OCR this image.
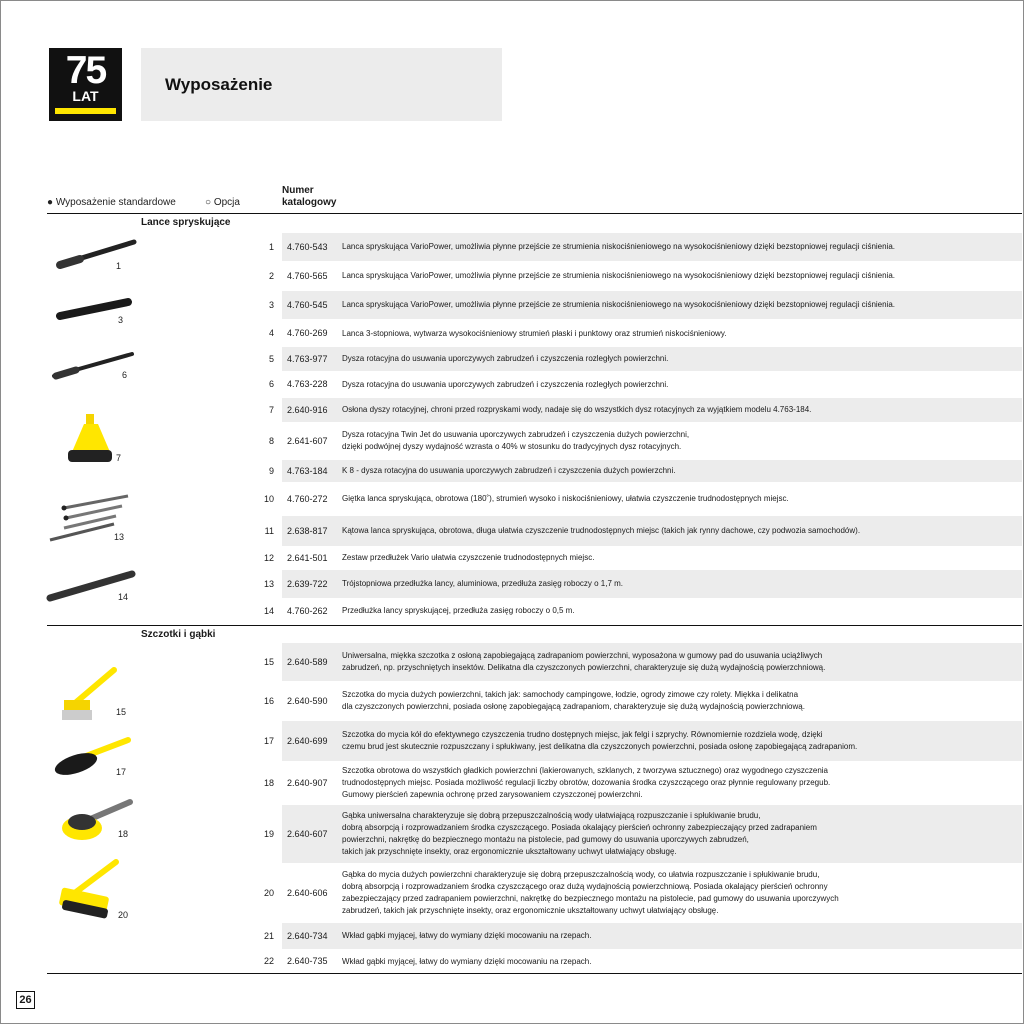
75
LAT
Wyposażenie
● Wyposażenie standardowe	○ Opcja
Numer
katalogowy
Lance spryskujące
Szczotki i gąbki
1 4.760-543 Lanca spryskująca VarioPower, umożliwia płynne przejście ze strumienia niskociśnieniowego na wysokociśnieniowy dzięki bezstopniowej regulacji ciśnienia.
2 4.760-565 Lanca spryskująca VarioPower, umożliwia płynne przejście ze strumienia niskociśnieniowego na wysokociśnieniowy dzięki bezstopniowej regulacji ciśnienia.
3 4.760-545 Lanca spryskująca VarioPower, umożliwia płynne przejście ze strumienia niskociśnieniowego na wysokociśnieniowy dzięki bezstopniowej regulacji ciśnienia.
4 4.760-269 Lanca 3-stopniowa, wytwarza wysokociśnieniowy strumień płaski i punktowy oraz strumień niskociśnieniowy.
5 4.763-977 Dysza rotacyjna do usuwania uporczywych zabrudzeń i czyszczenia rozległych powierzchni.
6 4.763-228 Dysza rotacyjna do usuwania uporczywych zabrudzeń i czyszczenia rozległych powierzchni.
7 2.640-916 Osłona dyszy rotacyjnej, chroni przed rozpryskami wody, nadaje się do wszystkich dysz rotacyjnych za wyjątkiem modelu 4.763-184.
8 2.641-607
Dysza rotacyjna Twin Jet do usuwania uporczywych zabrudzeń i czyszczenia dużych powierzchni,
dzięki podwójnej dyszy wydajność wzrasta o 40% w stosunku do tradycyjnych dysz rotacyjnych.
9 4.763-184 K 8 - dysza rotacyjna do usuwania uporczywych zabrudzeń i czyszczenia dużych powierzchni.
10 4.760-272 Giętka lanca spryskująca, obrotowa (180˚), strumień wysoko i niskociśnieniowy, ułatwia czyszczenie trudnodostępnych miejsc.
11 2.638-817 Kątowa lanca spryskująca, obrotowa, długa ułatwia czyszczenie trudnodostępnych miejsc (takich jak rynny dachowe, czy podwozia samochodów).
12 2.641-501 Zestaw przedłużek Vario ułatwia czyszczenie trudnodostępnych miejsc.
13 2.639-722 Trójstopniowa przedłużka lancy, aluminiowa, przedłuża zasięg roboczy o 1,7 m.
14 4.760-262 Przedłużka lancy spryskującej, przedłuża zasięg roboczy o 0,5 m.
15 2.640-589
Uniwersalna, miękka szczotka z osłoną zapobiegającą zadrapaniom powierzchni, wyposażona w gumowy pad do usuwania uciążliwych
zabrudzeń, np. przyschniętych insektów. Delikatna dla czyszczonych powierzchni, charakteryzuje się dużą wydajnością powierzchniową.
16 2.640-590
Szczotka do mycia dużych powierzchni, takich jak: samochody campingowe, łodzie, ogrody zimowe czy rolety. Miękka i delikatna
dla czyszczonych powierzchni, posiada osłonę zapobiegającą zadrapaniom, charakteryzuje się dużą wydajnością powierzchniową.
17 2.640-699
Szczotka do mycia kół do efektywnego czyszczenia trudno dostępnych miejsc, jak felgi i szprychy. Równomiernie rozdziela wodę, dzięki
czemu brud jest skutecznie rozpuszczany i spłukiwany, jest delikatna dla czyszczonych powierzchni, posiada osłonę zapobiegającą zadrapaniom.
18 2.640-907
Szczotka obrotowa do wszystkich gładkich powierzchni (lakierowanych, szklanych, z tworzywa sztucznego) oraz wygodnego czyszczenia
trudnodostępnych miejsc. Posiada możliwość regulacji liczby obrotów, dozowania środka czyszczącego oraz płynnie regulowany przegub.
Gumowy pierścień zapewnia ochronę przed zarysowaniem czyszczonej powierzchni.
19 2.640-607
Gąbka uniwersalna charakteryzuje się dobrą przepuszczalnością wody ułatwiającą rozpuszczanie i spłukiwanie brudu,
dobrą absorpcją i rozprowadzaniem środka czyszczącego. Posiada okalający pierścień ochronny zabezpieczający przed zadrapaniem
powierzchni, nakrętkę do bezpiecznego montażu na pistolecie, pad gumowy do usuwania uporczywych zabrudzeń,
takich jak przyschnięte insekty, oraz ergonomicznie ukształtowany uchwyt ułatwiający obsługę.
20 2.640-606
Gąbka do mycia dużych powierzchni charakteryzuje się dobrą przepuszczalnością wody, co ułatwia rozpuszczanie i spłukiwanie brudu,
dobrą absorpcją i rozprowadzaniem środka czyszczącego oraz dużą wydajnością powierzchniową. Posiada okalający pierścień ochronny
zabezpieczający przed zadrapaniem powierzchni, nakrętkę do bezpiecznego montażu na pistolecie, pad gumowy do usuwania uporczywych
zabrudzeń, takich jak przyschnięte insekty, oraz ergonomicznie ukształtowany uchwyt ułatwiający obsługę.
21 2.640-734 Wkład gąbki myjącej, łatwy do wymiany dzięki mocowaniu na rzepach.
22 2.640-735 Wkład gąbki myjącej, łatwy do wymiany dzięki mocowaniu na rzepach.
1
3
6
7
13
14
15
17
18
20
26
